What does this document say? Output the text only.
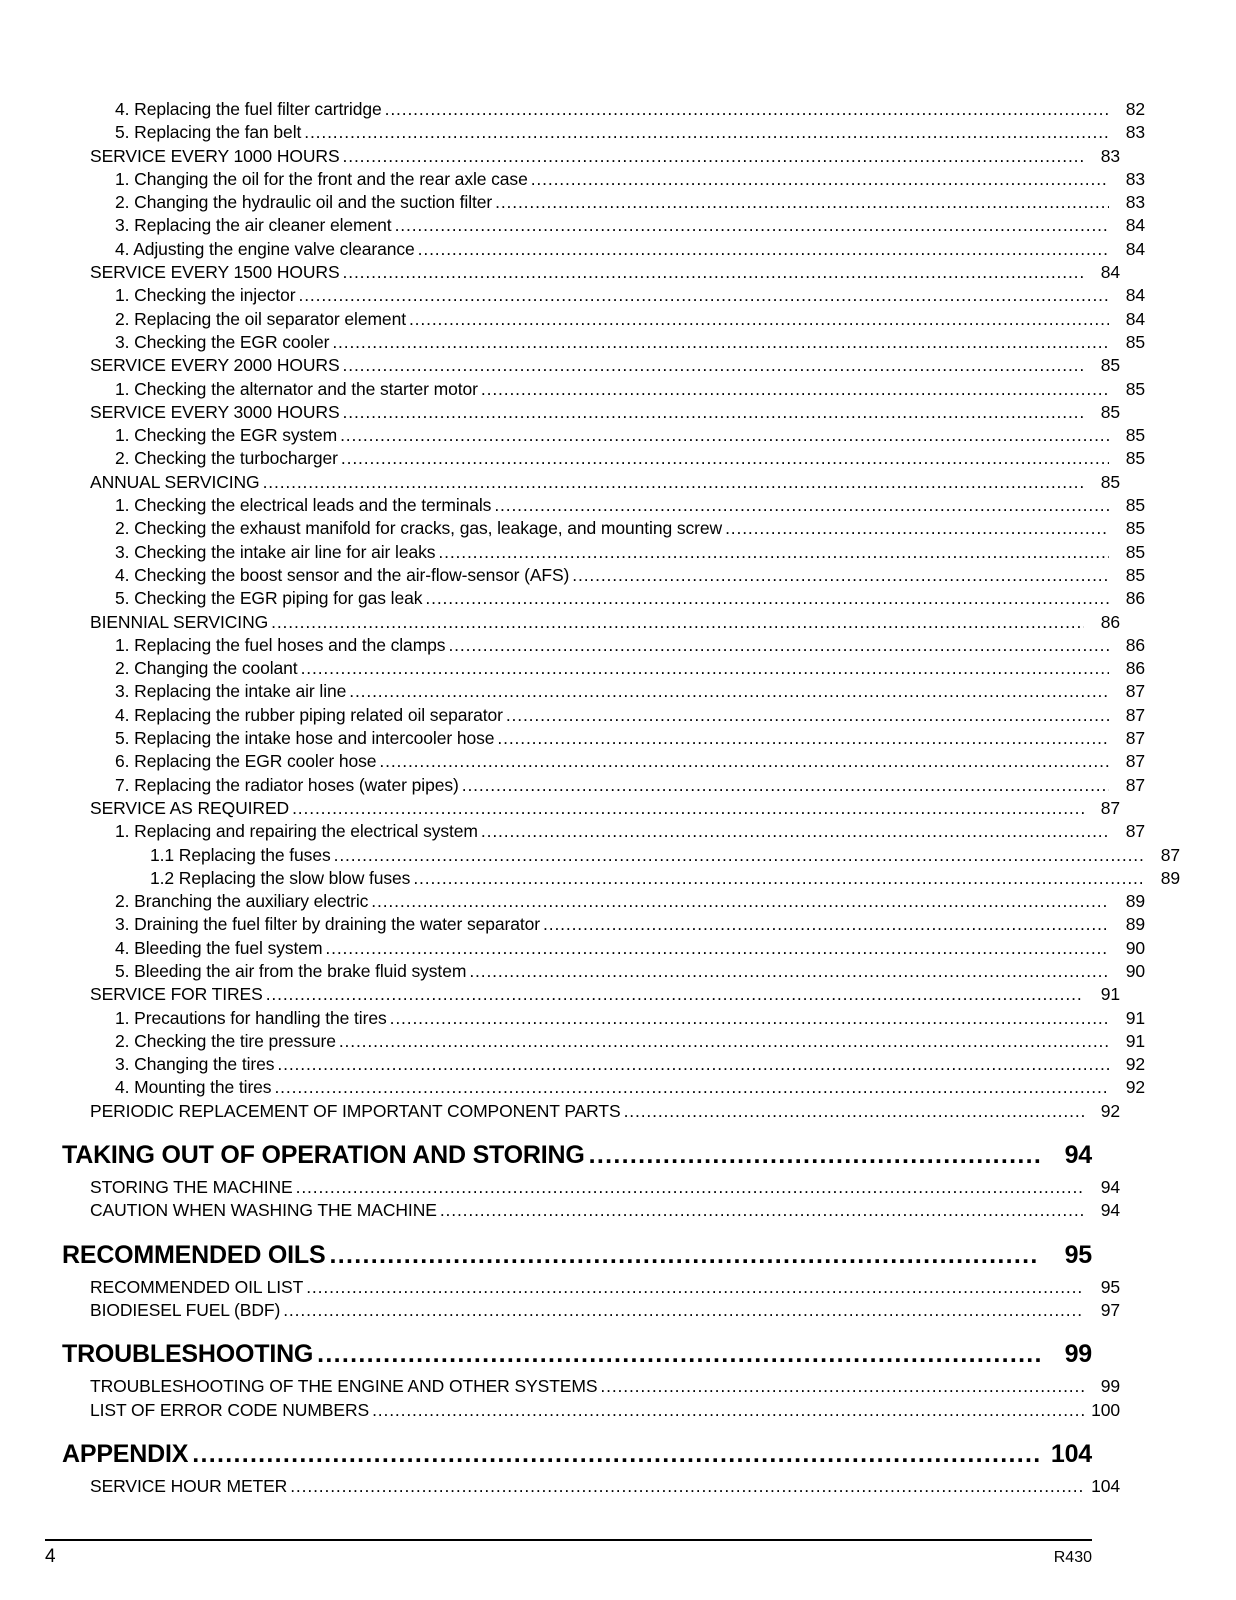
4. Replacing the fuel filter cartridge .....	82
5. Replacing the fan belt .....	83
SERVICE EVERY 1000 HOURS .....	83
1. Changing the oil for the front and the rear axle case .....	83
2. Changing the hydraulic oil and the suction filter .....	83
3. Replacing the air cleaner element .....	84
4. Adjusting the engine valve clearance .....	84
SERVICE EVERY 1500 HOURS .....	84
1. Checking the injector .....	84
2. Replacing the oil separator element .....	84
3. Checking the EGR cooler .....	85
SERVICE EVERY 2000 HOURS .....	85
1. Checking the alternator and the starter motor .....	85
SERVICE EVERY 3000 HOURS .....	85
1. Checking the EGR system .....	85
2. Checking the turbocharger .....	85
ANNUAL SERVICING .....	85
1. Checking the electrical leads and the terminals .....	85
2. Checking the exhaust manifold for cracks, gas, leakage, and mounting screw .....	85
3. Checking the intake air line for air leaks .....	85
4. Checking the boost sensor and the air-flow-sensor (AFS) .....	85
5. Checking the EGR piping for gas leak .....	86
BIENNIAL SERVICING .....	86
1. Replacing the fuel hoses and the clamps .....	86
2. Changing the coolant .....	86
3. Replacing the intake air line .....	87
4. Replacing the rubber piping related oil separator .....	87
5. Replacing the intake hose and intercooler hose .....	87
6. Replacing the EGR cooler hose .....	87
7. Replacing the radiator hoses (water pipes) .....	87
SERVICE AS REQUIRED .....	87
1. Replacing and repairing the electrical system .....	87
1.1 Replacing the fuses .....	87
1.2 Replacing the slow blow fuses .....	89
2. Branching the auxiliary electric .....	89
3. Draining the fuel filter by draining the water separator .....	89
4. Bleeding the fuel system .....	90
5. Bleeding the air from the brake fluid system .....	90
SERVICE FOR TIRES .....	91
1. Precautions for handling the tires .....	91
2. Checking the tire pressure .....	91
3. Changing the tires .....	92
4. Mounting the tires .....	92
PERIODIC REPLACEMENT OF IMPORTANT COMPONENT PARTS .....	92
TAKING OUT OF OPERATION AND STORING .....	94
STORING THE MACHINE .....	94
CAUTION WHEN WASHING THE MACHINE .....	94
RECOMMENDED OILS .....	95
RECOMMENDED OIL LIST .....	95
BIODIESEL FUEL (BDF) .....	97
TROUBLESHOOTING .....	99
TROUBLESHOOTING OF THE ENGINE AND OTHER SYSTEMS .....	99
LIST OF ERROR CODE NUMBERS .....	100
APPENDIX .....	104
SERVICE HOUR METER .....	104
4	R430
